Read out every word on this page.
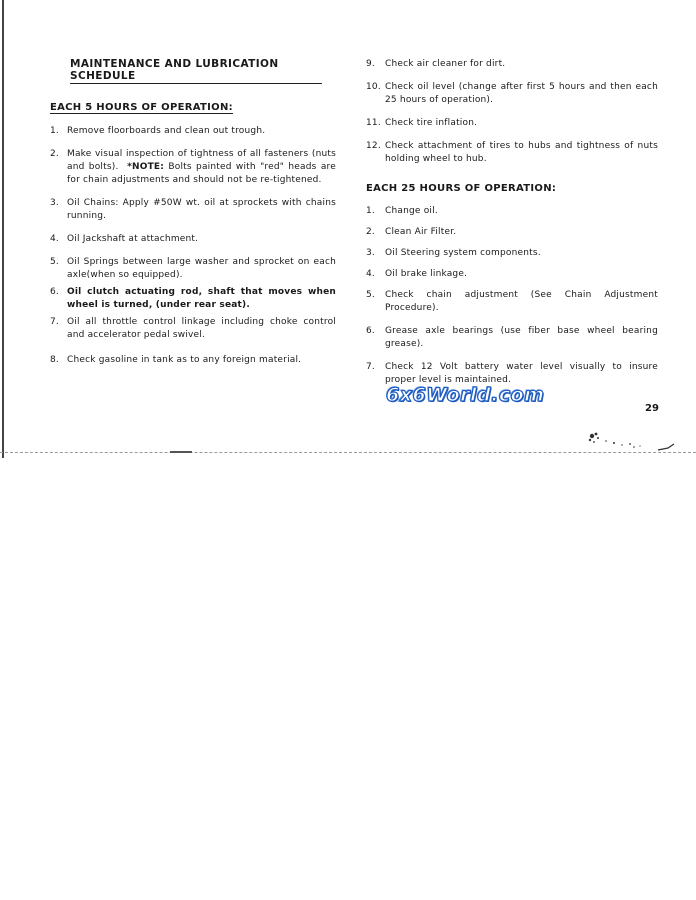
MAINTENANCE AND LUBRICATION SCHEDULE
EACH 5 HOURS OF OPERATION:
1. Remove floorboards and clean out trough.
2. Make visual inspection of tightness of all fasteners (nuts and bolts). *NOTE: Bolts painted with "red" heads are for chain adjustments and should not be re-tightened.
3. Oil Chains: Apply #50W wt. oil at sprockets with chains running.
4. Oil Jackshaft at attachment.
5. Oil Springs between large washer and sprocket on each axle(when so equipped).
6. Oil clutch actuating rod, shaft that moves when wheel is turned, (under rear seat).
7. Oil all throttle control linkage including choke control and accelerator pedal swivel.
8. Check gasoline in tank as to any foreign material.
9.	Check air cleaner for dirt.
10. Check oil level (change after first 5 hours and then each 25 hours of operation).
11. Check tire inflation.
12. Check attachment of tires to hubs and tightness of nuts holding wheel to hub.
EACH 25 HOURS OF OPERATION:
1.	Change oil.
2.	Clean Air Filter.
3.	Oil Steering system components.
4.	Oil brake linkage.
5.	Check chain adjustment (See Chain Adjustment Procedure).
6.	Grease axle bearings (use fiber base wheel bearing grease).
7.	Check 12 Volt battery water level visually to insure proper level is maintained.
6x6World.com
29
